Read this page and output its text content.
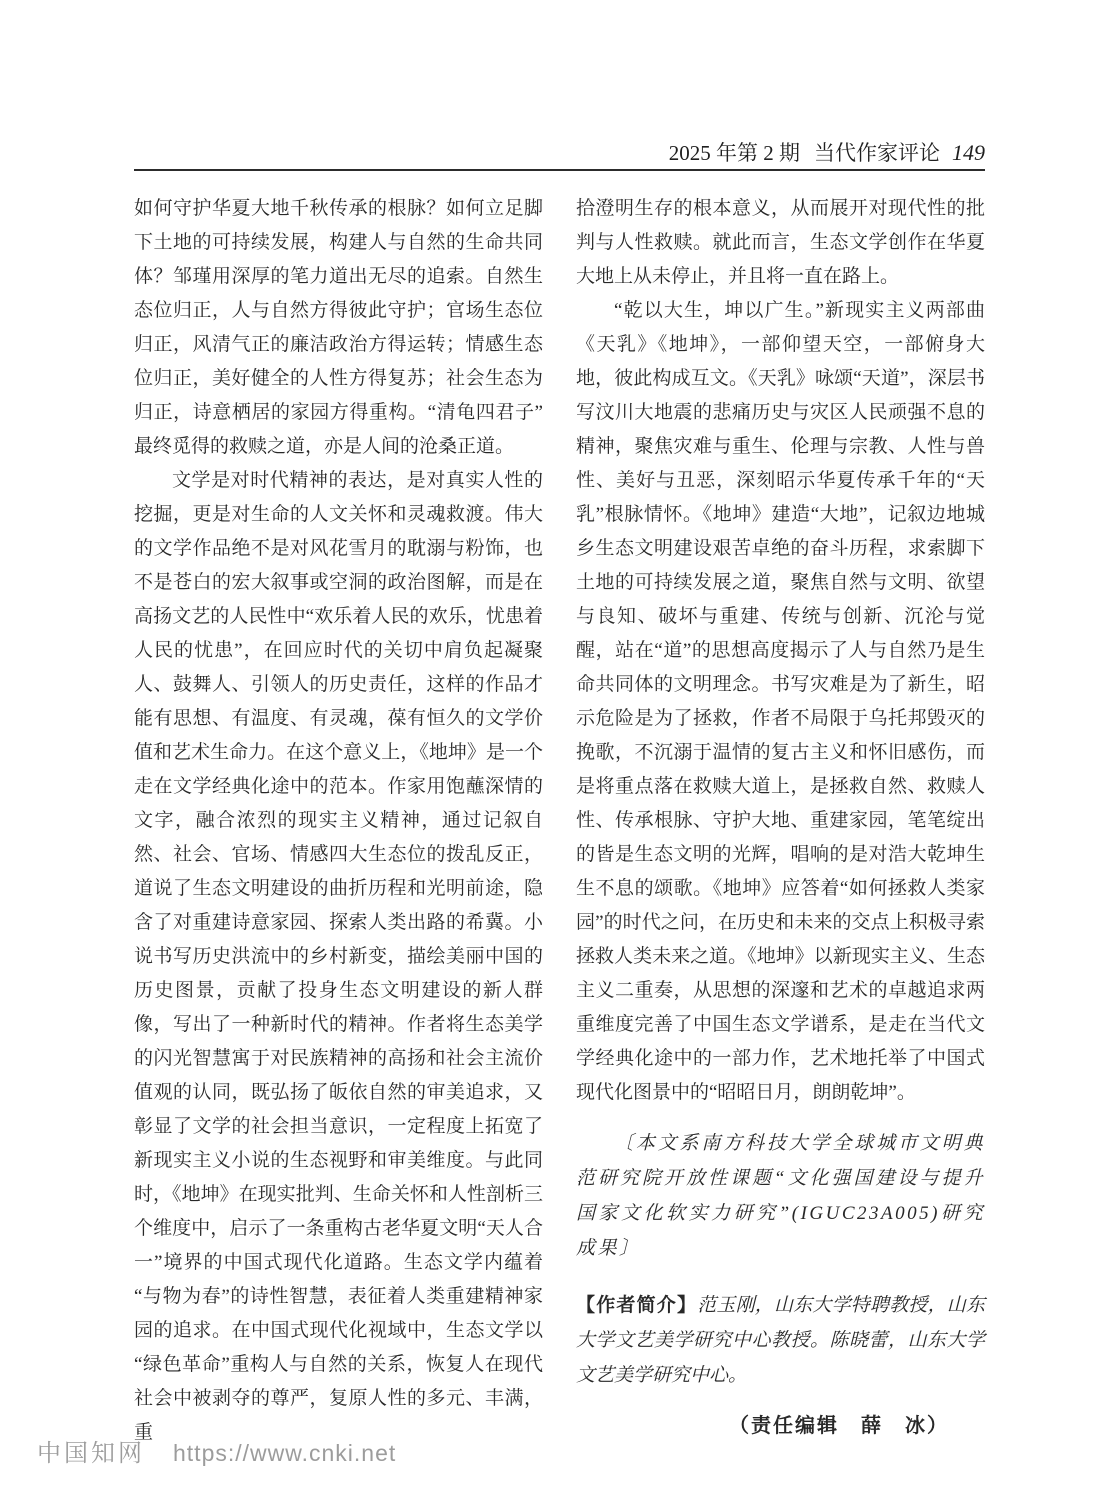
2025 年第 2 期 当代作家评论 149

如何守护华夏大地千秋传承的根脉？如何立足脚下土地的可持续发展，构建人与自然的生命共同体？邹瑾用深厚的笔力道出无尽的追索。自然生态位归正，人与自然方得彼此守护；官场生态位归正，风清气正的廉洁政治方得运转；情感生态位归正，美好健全的人性方得复苏；社会生态为归正，诗意栖居的家园方得重构。“清龟四君子”最终觅得的救赎之道，亦是人间的沧桑正道。

文学是对时代精神的表达，是对真实人性的挖掘，更是对生命的人文关怀和灵魂救渡。伟大的文学作品绝不是对风花雪月的耽溺与粉饰，也不是苍白的宏大叙事或空洞的政治图解，而是在高扬文艺的人民性中“欢乐着人民的欢乐，忧患着人民的忧患”，在回应时代的关切中肩负起凝聚人、鼓舞人、引领人的历史责任，这样的作品才能有思想、有温度、有灵魂，葆有恒久的文学价值和艺术生命力。在这个意义上，《地坤》是一个走在文学经典化途中的范本。作家用饱蘸深情的文字，融合浓烈的现实主义精神，通过记叙自然、社会、官场、情感四大生态位的拨乱反正，道说了生态文明建设的曲折历程和光明前途，隐含了对重建诗意家园、探索人类出路的希冀。小说书写历史洪流中的乡村新变，描绘美丽中国的历史图景，贡献了投身生态文明建设的新人群像，写出了一种新时代的精神。作者将生态美学的闪光智慧寓于对民族精神的高扬和社会主流价值观的认同，既弘扬了皈依自然的审美追求，又彰显了文学的社会担当意识，一定程度上拓宽了新现实主义小说的生态视野和审美维度。与此同时，《地坤》在现实批判、生命关怀和人性剖析三个维度中，启示了一条重构古老华夏文明“天人合一”境界的中国式现代化道路。生态文学内蕴着“与物为春”的诗性智慧，表征着人类重建精神家园的追求。在中国式现代化视域中，生态文学以“绿色革命”重构人与自然的关系，恢复人在现代社会中被剥夺的尊严，复原人性的多元、丰满，重

拾澄明生存的根本意义，从而展开对现代性的批判与人性救赎。就此而言，生态文学创作在华夏大地上从未停止，并且将一直在路上。

“乾以大生，坤以广生。”新现实主义两部曲《天乳》《地坤》，一部仰望天空，一部俯身大地，彼此构成互文。《天乳》咏颂“天道”，深层书写汶川大地震的悲痛历史与灾区人民顽强不息的精神，聚焦灾难与重生、伦理与宗教、人性与兽性、美好与丑恶，深刻昭示华夏传承千年的“天乳”根脉情怀。《地坤》建造“大地”，记叙边地城乡生态文明建设艰苦卓绝的奋斗历程，求索脚下土地的可持续发展之道，聚焦自然与文明、欲望与良知、破坏与重建、传统与创新、沉沦与觉醒，站在“道”的思想高度揭示了人与自然乃是生命共同体的文明理念。书写灾难是为了新生，昭示危险是为了拯救，作者不局限于乌托邦毁灭的挽歌，不沉溺于温情的复古主义和怀旧感伤，而是将重点落在救赎大道上，是拯救自然、救赎人性、传承根脉、守护大地、重建家园，笔笔绽出的皆是生态文明的光辉，唱响的是对浩大乾坤生生不息的颂歌。《地坤》应答着“如何拯救人类家园”的时代之问，在历史和未来的交点上积极寻索拯救人类未来之道。《地坤》以新现实主义、生态主义二重奏，从思想的深邃和艺术的卓越追求两重维度完善了中国生态文学谱系，是走在当代文学经典化途中的一部力作，艺术地托举了中国式现代化图景中的“昭昭日月，朗朗乾坤”。

〔本文系南方科技大学全球城市文明典范研究院开放性课题“文化强国建设与提升国家文化软实力研究”(IGUC23A005)研究成果〕

【作者简介】范玉刚，山东大学特聘教授，山东大学文艺美学研究中心教授。陈晓蕾，山东大学文艺美学研究中心。

（责任编辑　薛　冰）

中国知网 https://www.cnki.net
